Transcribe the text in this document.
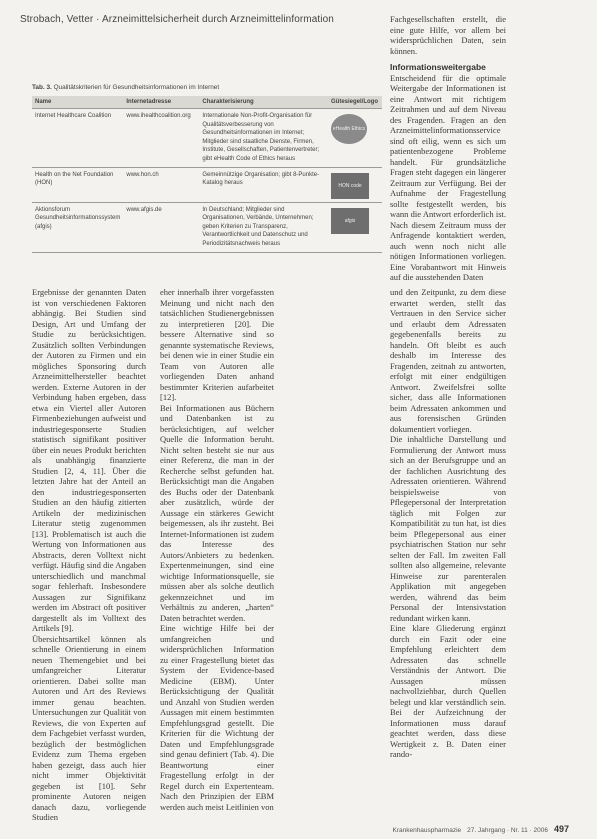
Strobach, Vetter · Arzneimittelsicherheit durch Arzneimittelinformation
Tab. 3. Qualitätskriterien für Gesundheitsinformationen im Internet
Name	Internetadresse	Charakterisierung	Gütesiegel/Logo
Internet Healthcare Coalition	www.ihealthcoalition.org	Internationale Non-Profit-Organisation für Qualitätsverbesserung von Gesundheitsinformationen im Internet; Mitglieder sind staatliche Dienste, Firmen, Institute, Gesellschaften, Patientenvertreter; gibt eHealth Code of Ethics heraus	eHealth Ethics

Health on the Net Foundation (HON)	www.hon.ch	Gemeinnützige Organisation; gibt 8-Punkte-Katalog heraus	HON code

Aktionsforum Gesundheitsinformationssystem (afgis)	www.afgis.de	In Deutschland; Mitglieder sind Organisationen, Verbände, Unternehmen; geben Kriterien zu Transparenz, Verantwortlichkeit und Datenschutz und Periodizitätsnachweis heraus	afgis

Ergebnisse der genannten Daten ist von verschiedenen Faktoren abhängig. Bei Studien sind Design, Art und Umfang der Studie zu berücksichtigen. Zusätzlich sollten Verbindungen der Autoren zu Firmen und ein mögliches Sponsoring durch Arzneimittelhersteller beachtet werden. Externe Autoren in der Verbindung haben ergeben, dass etwa ein Viertel aller Autoren Firmenbeziehungen aufweist und industriegesponserte Studien statistisch signifikant positiver über ein neues Produkt berichten als unabhängig finanzierte Studien [2, 4, 11]. Über die letzten Jahre hat der Anteil an den industriegesponserten Studien an den häufig zitierten Artikeln der medizinischen Literatur stetig zugenommen [13]. Problematisch ist auch die Wertung von Informationen aus Abstracts, deren Volltext nicht verfügt. Häufig sind die Angaben unterschiedlich und manchmal sogar fehlerhaft. Insbesondere Aussagen zur Signifikanz werden im Abstract oft positiver dargestellt als im Volltext des Artikels [9].

Übersichtsartikel können als schnelle Orientierung in einem neuen Themengebiet und bei umfangreicher Literatur orientieren. Dabei sollte man Autoren und Art des Reviews immer genau beachten. Untersuchungen zur Qualität von Reviews, die von Experten auf dem Fachgebiet verfasst wurden, bezüglich der bestmöglichen Evidenz zum Thema ergeben haben gezeigt, dass auch hier nicht immer Objektivität gegeben ist [10]. Sehr prominente Autoren neigen danach dazu, vorliegende Studien

eher innerhalb ihrer vorgefassten Meinung und nicht nach den tatsächlichen Studienergebnissen zu interpretieren [20]. Die bessere Alternative sind so genannte systematische Reviews, bei denen wie in einer Studie ein Team von Autoren alle vorliegenden Daten anhand bestimmter Kriterien aufarbeitet [12].

Bei Informationen aus Büchern und Datenbanken ist zu berücksichtigen, auf welcher Quelle die Information beruht. Nicht selten besteht sie nur aus einer Referenz, die man in der Recherche selbst gefunden hat. Berücksichtigt man die Angaben des Buchs oder der Datenbank aber zusätzlich, würde der Aussage ein stärkeres Gewicht beigemessen, als ihr zusteht. Bei Internet-Informationen ist zudem das Interesse des Autors/Anbieters zu bedenken. Expertenmeinungen, sind eine wichtige Informationsquelle, sie müssen aber als solche deutlich gekennzeichnet und im Verhältnis zu anderen, „harten“ Daten betrachtet werden.

Eine wichtige Hilfe bei der umfangreichen und widersprüchlichen Information zu einer Fragestellung bietet das System der Evidence-based Medicine (EBM). Unter Berücksichtigung der Qualität und Anzahl von Studien werden Aussagen mit einem bestimmten Empfehlungsgrad gestellt. Die Kriterien für die Wichtung der Daten und Empfehlungsgrade sind genau definiert (Tab. 4). Die Beantwortung einer Fragestellung erfolgt in der Regel durch ein Expertenteam. Nach den Prinzipien der EBM werden auch meist Leitlinien von

Fachgesellschaften erstellt, die eine gute Hilfe, vor allem bei widersprüchlichen Daten, sein können.

Informationsweitergabe

Entscheidend für die optimale Weitergabe der Informationen ist eine Antwort mit richtigem Zeitrahmen und auf dem Niveau des Fragenden. Fragen an den Arzneimittelinformationsservice sind oft eilig, wenn es sich um patientenbezogene Probleme handelt. Für grundsätzliche Fragen steht dagegen ein längerer Zeitraum zur Verfügung. Bei der Aufnahme der Fragestellung sollte festgestellt werden, bis wann die Antwort erforderlich ist. Nach diesem Zeitraum muss der Anfragende kontaktiert werden, auch wenn noch nicht alle nötigen Informationen vorliegen. Eine Vorabantwort mit Hinweis auf die ausstehenden Daten

und den Zeitpunkt, zu dem diese erwartet werden, stellt das Vertrauen in den Service sicher und erlaubt dem Adressaten gegebenenfalls bereits zu handeln. Oft bleibt es auch deshalb im Interesse des Fragenden, zeitnah zu antworten, erfolgt mit einer endgültigen Antwort. Zweifelsfrei sollte sicher, dass alle Informationen beim Adressaten ankommen und aus forensischen Gründen dokumentiert vorliegen.

Die inhaltliche Darstellung und Formulierung der Antwort muss sich an der Berufsgruppe und an der fachlichen Ausrichtung des Adressaten orientieren. Während beispielsweise von Pflegepersonal der Interpretation täglich mit Folgen zur Kompatibilität zu tun hat, ist dies beim Pflegepersonal aus einer psychiatrischen Station nur sehr selten der Fall. Im zweiten Fall sollten also allgemeine, relevante Hinweise zur parenteralen Applikation mit angegeben werden, während das beim Personal der Intensivstation redundant wirken kann.

Eine klare Gliederung ergänzt durch ein Fazit oder eine Empfehlung erleichtert dem Adressaten das schnelle Verständnis der Antwort. Die Aussagen müssen nachvollziehbar, durch Quellen belegt und klar verständlich sein. Bei der Aufzeichnung der Informationen muss darauf geachtet werden, dass diese Wertigkeit z. B. Daten einer rando-

Krankenhauspharmazie 27. Jahrgang · Nr. 11 · 2006 497
